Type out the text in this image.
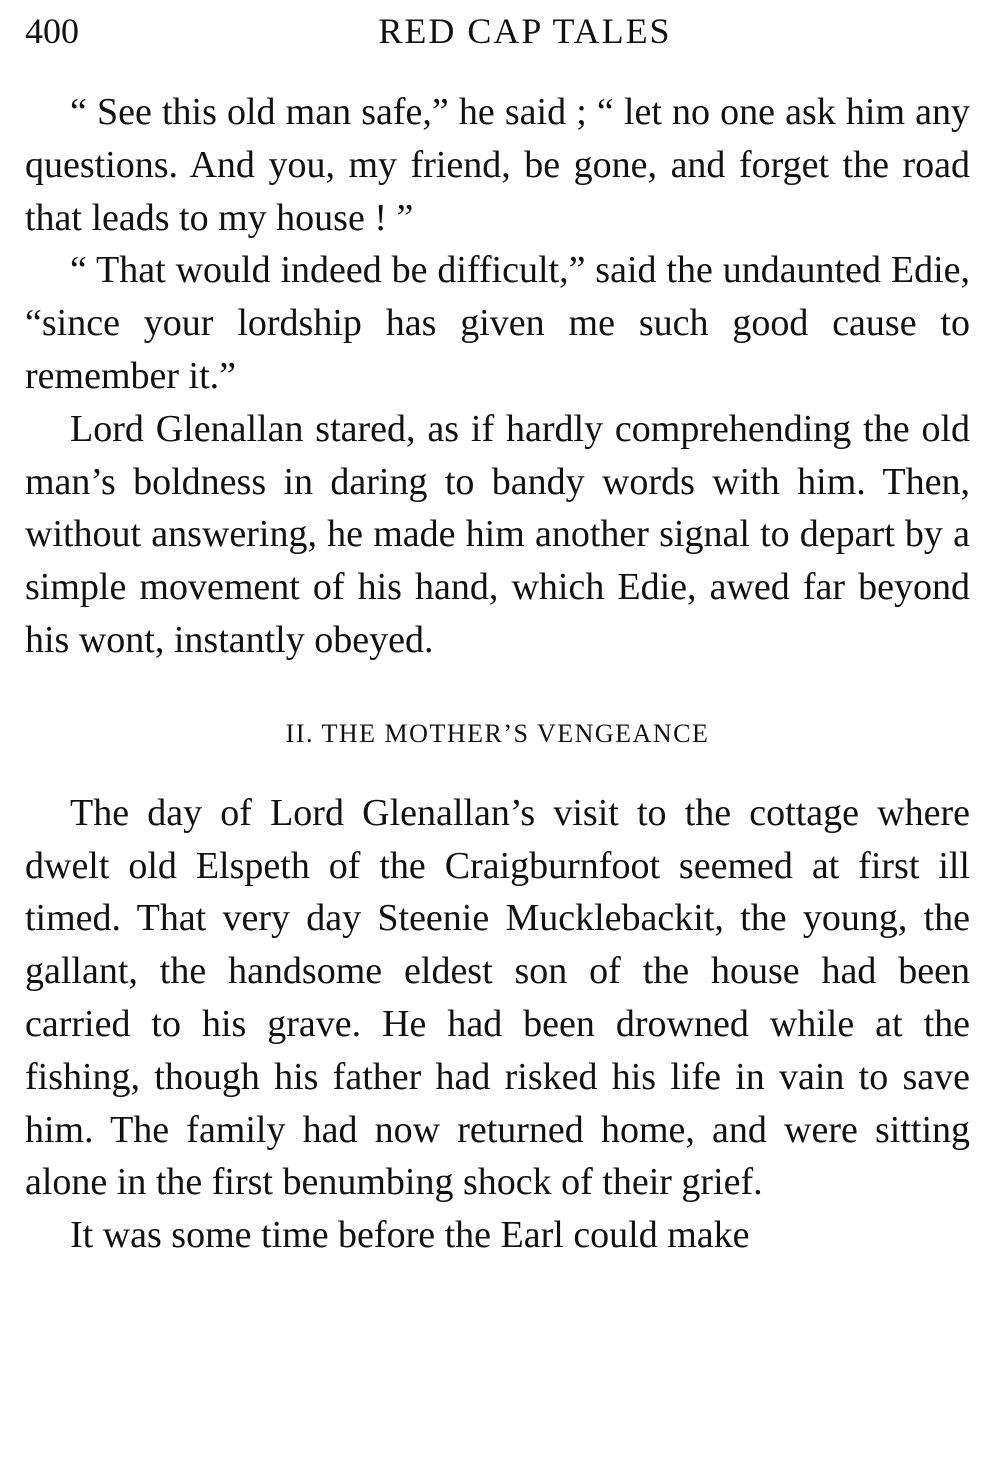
400	RED CAP TALES

“ See this old man safe,” he said ; “ let no one ask him any questions. And you, my friend, be gone, and forget the road that leads to my house ! ”

“ That would indeed be difficult,” said the undaunted Edie, “since your lordship has given me such good cause to remember it.”

Lord Glenallan stared, as if hardly comprehending the old man’s boldness in daring to bandy words with him. Then, without answering, he made him another signal to depart by a simple movement of his hand, which Edie, awed far beyond his wont, instantly obeyed.

II. THE MOTHER’S VENGEANCE

The day of Lord Glenallan’s visit to the cottage where dwelt old Elspeth of the Craigburnfoot seemed at first ill timed. That very day Steenie Mucklebackit, the young, the gallant, the handsome eldest son of the house had been carried to his grave. He had been drowned while at the fishing, though his father had risked his life in vain to save him. The family had now returned home, and were sitting alone in the first benumbing shock of their grief.

It was some time before the Earl could make
